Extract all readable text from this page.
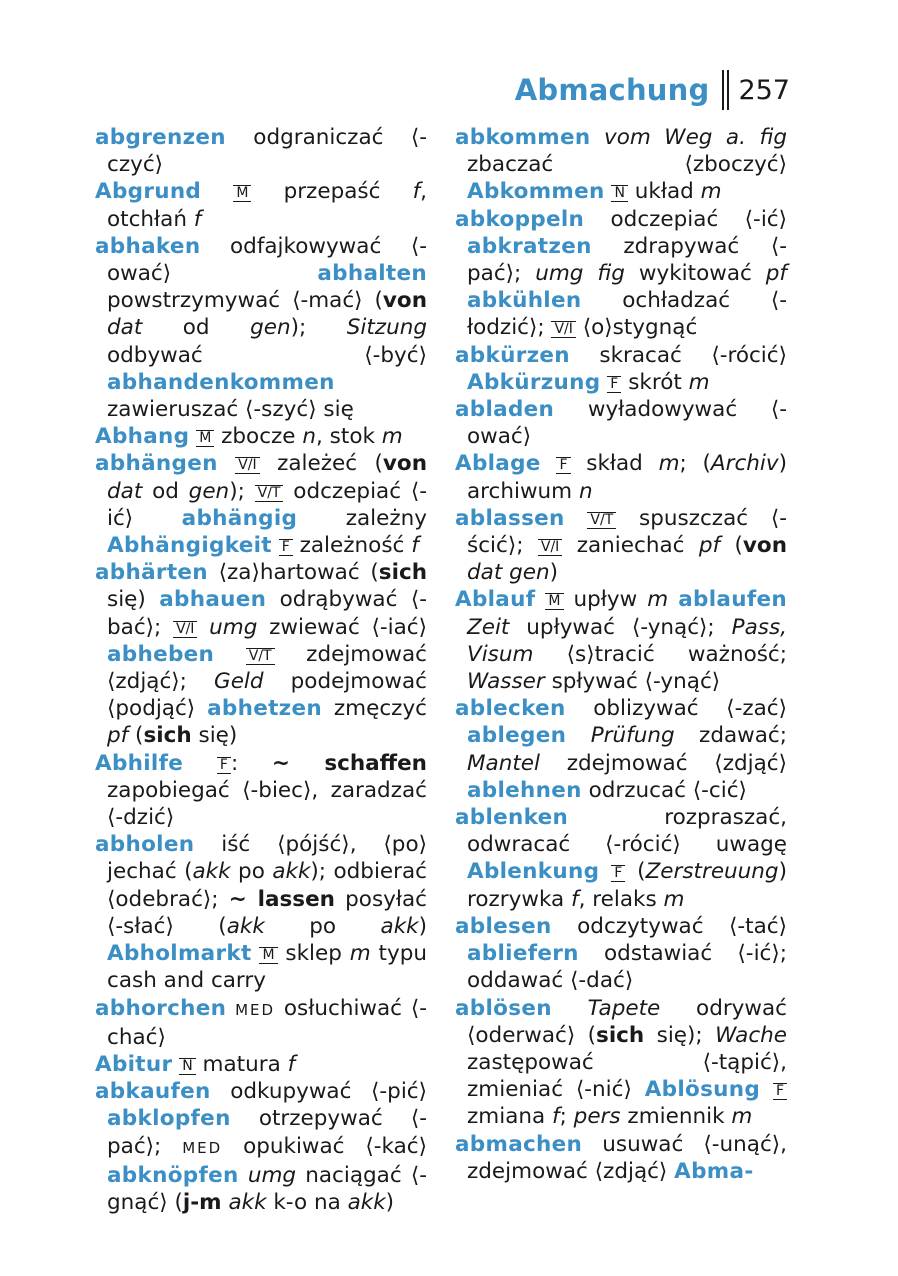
Abmachung 257
abgrenzen odgraniczać ⟨-czyć⟩
Abgrund	M przepaść f, otchłań f
abhaken odfajkowywać ⟨-ować⟩ abhalten powstrzymywać ⟨-mać⟩ (von dat od gen); Sitzung odbywać ⟨-być⟩ abhandenkommen zawieruszać ⟨-szyć⟩ się
Abhang M zbocze n, stok m
abhängen V/I zależeć (von dat od gen); V/T odczepiać ⟨-ić⟩ abhängig zależny Abhängigkeit F zależność f
abhärten ⟨za⟩hartować (sich się) abhauen odrąbywać ⟨-bać⟩; V/I umg zwiewać ⟨-iać⟩ abheben V/T zdejmować ⟨zdjąć⟩; Geld podejmować ⟨podjąć⟩ abhetzen zmęczyć pf (sich się)
Abhilfe	F : ~ schaffen zapobiegać ⟨-biec⟩, zaradzać ⟨-dzić⟩
abholen iść ⟨pójść⟩, ⟨po⟩jechać (akk po akk); odbierać ⟨odebrać⟩; ~ lassen posyłać ⟨-słać⟩ (akk po akk) Abholmarkt M sklep m typu cash and carry
abhorchen MED osłuchiwać ⟨-chać⟩
Abitur N matura f
abkaufen odkupywać ⟨-pić⟩ abklopfen otrzepywać ⟨-pać⟩; MED opukiwać ⟨-kać⟩ abknöpfen umg naciągać ⟨-gnąć⟩ (j-m akk k-o na akk)
abkommen vom Weg a. fig zbaczać ⟨zboczyć⟩ Abkommen N układ m
abkoppeln odczepiać ⟨-ić⟩ abkratzen zdrapywać ⟨-pać⟩; umg fig wykitować pf abkühlen ochładzać ⟨-łodzić⟩; V/I ⟨o⟩stygnąć
abkürzen skracać ⟨-rócić⟩ Abkürzung F skrót m
abladen wyładowywać ⟨-ować⟩
Ablage F skład m; (Archiv) archiwum n
ablassen V/T spuszczać ⟨-ścić⟩; V/I zaniechać pf (von dat gen)
Ablauf M upływ m ablaufen Zeit upływać ⟨-ynąć⟩; Pass, Visum ⟨s⟩tracić ważność; Wasser spływać ⟨-ynąć⟩
ablecken oblizywać ⟨-zać⟩ ablegen Prüfung zdawać; Mantel zdejmować ⟨zdjąć⟩ ablehnen odrzucać ⟨-cić⟩
ablenken rozpraszać, odwracać ⟨-rócić⟩ uwagę Ablenkung F (Zerstreuung) rozrywka f, relaks m
ablesen odczytywać ⟨-tać⟩ abliefern odstawiać ⟨-ić⟩; oddawać ⟨-dać⟩
ablösen Tapete odrywać ⟨oderwać⟩ (sich się); Wache zastępować ⟨-tąpić⟩, zmieniać ⟨-nić⟩ Ablösung F zmiana f; pers zmiennik m
abmachen usuwać ⟨-unąć⟩, zdejmować ⟨zdjąć⟩ Abma-
